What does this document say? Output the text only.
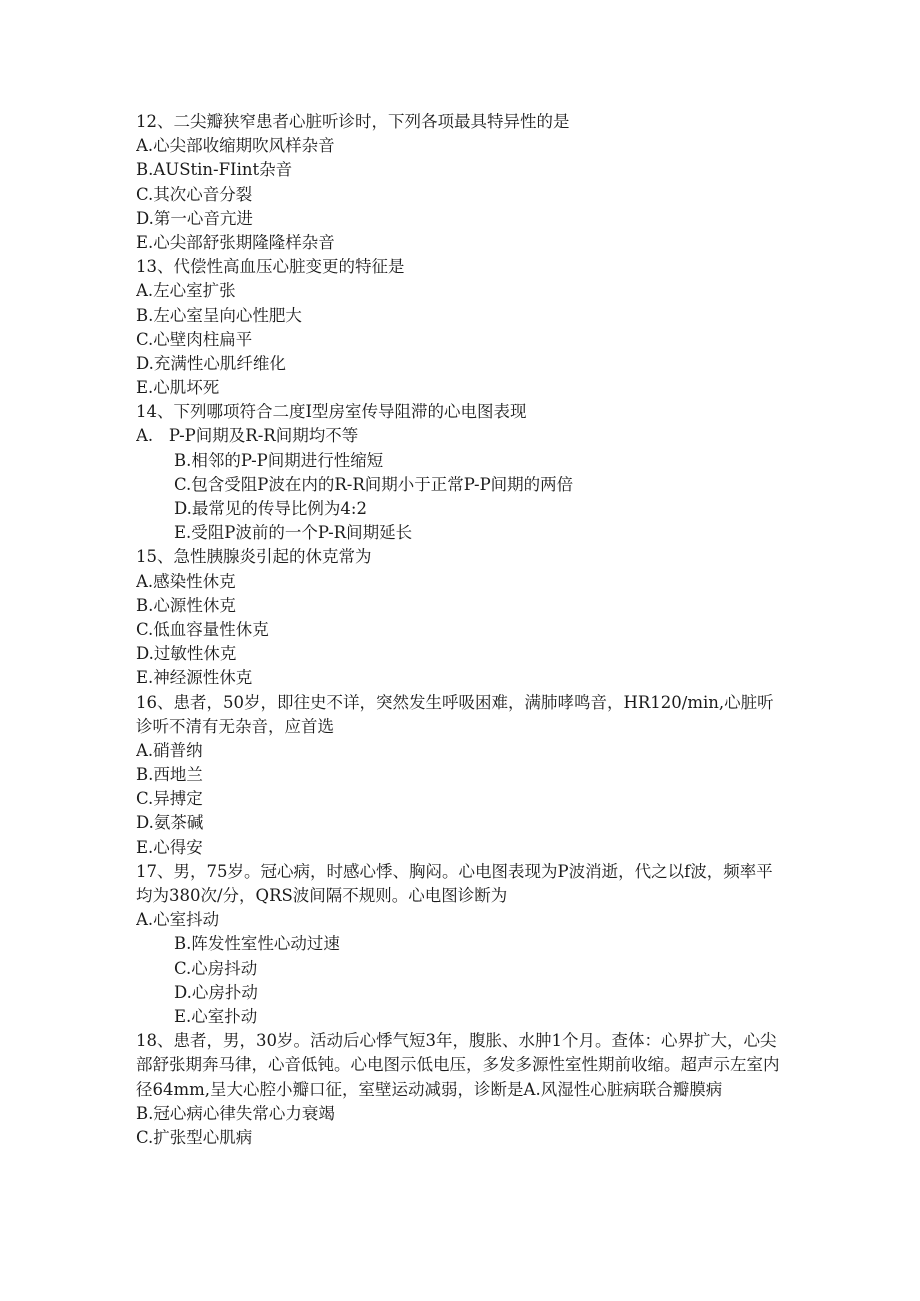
12、二尖瓣狭窄患者心脏听诊时，下列各项最具特异性的是
A.心尖部收缩期吹风样杂音
B.AUStin-FIint杂音
C.其次心音分裂
D.第一心音亢进
E.心尖部舒张期隆隆样杂音
13、代偿性高血压心脏变更的特征是
A.左心室扩张
B.左心室呈向心性肥大
C.心壁肉柱扁平
D.充满性心肌纤维化
E.心肌坏死
14、下列哪项符合二度I型房室传导阻滞的心电图表现
A.   P-P间期及R-R间期均不等
B.相邻的P-P间期进行性缩短
C.包含受阻P波在内的R-R间期小于正常P-P间期的两倍
D.最常见的传导比例为4:2
E.受阻P波前的一个P-R间期延长
15、急性胰腺炎引起的休克常为
A.感染性休克
B.心源性休克
C.低血容量性休克
D.过敏性休克
E.神经源性休克
16、患者，50岁，即往史不详，突然发生呼吸困难，满肺哮鸣音，HR120∕min,心脏听诊听不清有无杂音，应首选
A.硝普纳
B.西地兰
C.异搏定
D.氨茶碱
E.心得安
17、男，75岁。冠心病，时感心悸、胸闷。心电图表现为P波消逝，代之以f波，频率平均为380次/分，QRS波间隔不规则。心电图诊断为
A.心室抖动
B.阵发性室性心动过速
C.心房抖动
D.心房扑动
E.心室扑动
18、患者，男，30岁。活动后心悸气短3年，腹胀、水肿1个月。查体：心界扩大，心尖部舒张期奔马律，心音低钝。心电图示低电压，多发多源性室性期前收缩。超声示左室内径64mm,呈大心腔小瓣口征，室壁运动减弱，诊断是A.风湿性心脏病联合瓣膜病
B.冠心病心律失常心力衰竭
C.扩张型心肌病
